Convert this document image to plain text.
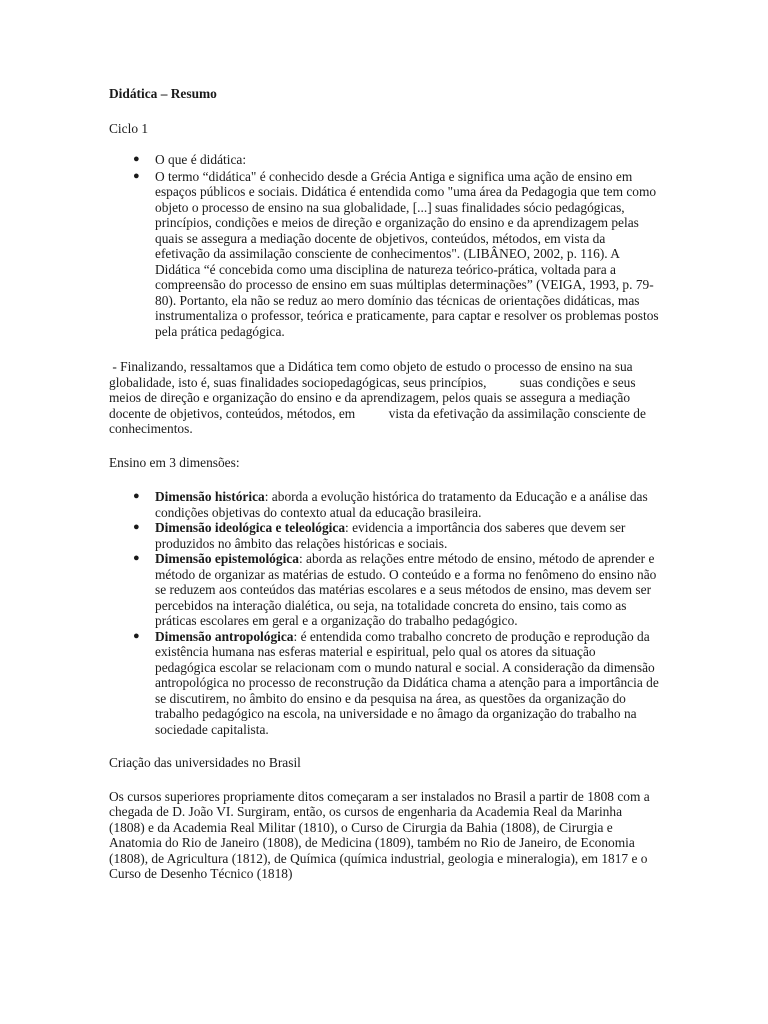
Didática – Resumo

Ciclo 1

● O que é didática:
● O termo “didática" é conhecido desde a Grécia Antiga e significa uma ação de ensino em espaços públicos e sociais. Didática é entendida como "uma área da Pedagogia que tem como objeto o processo de ensino na sua globalidade, [...] suas finalidades sócio pedagógicas, princípios, condições e meios de direção e organização do ensino e da aprendizagem pelas quais se assegura a mediação docente de objetivos, conteúdos, métodos, em vista da efetivação da assimilação consciente de conhecimentos". (LIBÂNEO, 2002, p. 116). A Didática “é concebida como uma disciplina de natureza teórico-prática, voltada para a compreensão do processo de ensino em suas múltiplas determinações” (VEIGA, 1993, p. 79-80). Portanto, ela não se reduz ao mero domínio das técnicas de orientações didáticas, mas instrumentaliza o professor, teórica e praticamente, para captar e resolver os problemas postos pela prática pedagógica.

- Finalizando, ressaltamos que a Didática tem como objeto de estudo o processo de ensino na sua globalidade, isto é, suas finalidades sociopedagógicas, seus princípios,          suas condições e seus meios de direção e organização do ensino e da aprendizagem, pelos quais se assegura a mediação docente de objetivos, conteúdos, métodos, em          vista da efetivação da assimilação consciente de conhecimentos.

Ensino em 3 dimensões:

● Dimensão histórica: aborda a evolução histórica do tratamento da Educação e a análise das condições objetivas do contexto atual da educação brasileira.
● Dimensão ideológica e teleológica: evidencia a importância dos saberes que devem ser produzidos no âmbito das relações históricas e sociais.
● Dimensão epistemológica: aborda as relações entre método de ensino, método de aprender e método de organizar as matérias de estudo. O conteúdo e a forma no fenômeno do ensino não se reduzem aos conteúdos das matérias escolares e a seus métodos de ensino, mas devem ser percebidos na interação dialética, ou seja, na totalidade concreta do ensino, tais como as práticas escolares em geral e a organização do trabalho pedagógico.
● Dimensão antropológica: é entendida como trabalho concreto de produção e reprodução da existência humana nas esferas material e espiritual, pelo qual os atores da situação pedagógica escolar se relacionam com o mundo natural e social. A consideração da dimensão antropológica no processo de reconstrução da Didática chama a atenção para a importância de se discutirem, no âmbito do ensino e da pesquisa na área, as questões da organização do trabalho pedagógico na escola, na universidade e no âmago da organização do trabalho na sociedade capitalista.

Criação das universidades no Brasil

Os cursos superiores propriamente ditos começaram a ser instalados no Brasil a partir de 1808 com a chegada de D. João VI. Surgiram, então, os cursos de engenharia da Academia Real da Marinha (1808) e da Academia Real Militar (1810), o Curso de Cirurgia da Bahia (1808), de Cirurgia e Anatomia do Rio de Janeiro (1808), de Medicina (1809), também no Rio de Janeiro, de Economia (1808), de Agricultura (1812), de Química (química industrial, geologia e mineralogia), em 1817 e o Curso de Desenho Técnico (1818)
